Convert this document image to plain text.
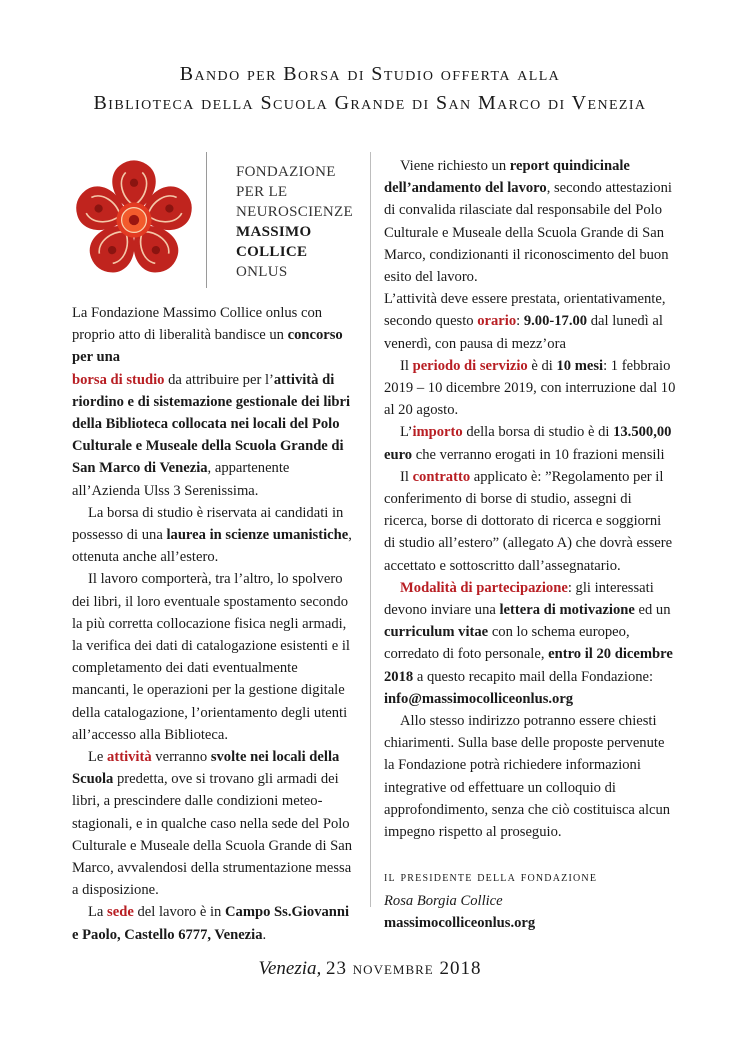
Bando per Borsa di Studio offerta alla
Biblioteca della Scuola Grande di San Marco di Venezia
FONDAZIONE
PER LE
NEUROSCIENZE
MASSIMO
COLLICE
ONLUS

La Fondazione Massimo Collice onlus con proprio atto di liberalità bandisce un concorso per una
borsa di studio da attribuire per l’attività di riordino e di sistemazione gestionale dei libri della Biblioteca collocata nei locali del Polo Culturale e Museale della Scuola Grande di San Marco di Venezia, appartenente all’Azienda Ulss 3 Serenissima.

La borsa di studio è riservata ai candidati in possesso di una laurea in scienze umanistiche, ottenuta anche all’estero.

Il lavoro comporterà, tra l’altro, lo spolvero dei libri, il loro eventuale spostamento secondo la più corretta collocazione fisica negli armadi, la verifica dei dati di catalogazione esistenti e il completamento dei dati eventualmente mancanti, le operazioni per la gestione digitale della catalogazione, l’orientamento degli utenti all’accesso alla Biblioteca.

Le attività verranno svolte nei locali della Scuola predetta, ove si trovano gli armadi dei libri, a prescindere dalle condizioni meteo-stagionali, e in qualche caso nella sede del Polo Culturale e Museale della Scuola Grande di San Marco, avvalendosi della strumentazione messa a disposizione.

La sede del lavoro è in Campo Ss.Giovanni e Paolo, Castello 6777, Venezia.

Viene richiesto un report quindicinale dell’andamento del lavoro, secondo attestazioni di convalida rilasciate dal responsabile del Polo Culturale e Museale della Scuola Grande di San Marco, condizionanti il riconoscimento del buon esito del lavoro.

L’attività deve essere prestata, orientativamente, secondo questo orario: 9.00-17.00 dal lunedì al venerdì, con pausa di mezz’ora

Il periodo di servizio è di 10 mesi: 1 febbraio 2019 – 10 dicembre 2019, con interruzione dal 10 al 20 agosto.

L’importo della borsa di studio è di 13.500,00 euro che verranno erogati in 10 frazioni mensili

Il contratto applicato è: ”Regolamento per il conferimento di borse di studio, assegni di ricerca, borse di dottorato di ricerca e soggiorni di studio all’estero” (allegato A) che dovrà essere accettato e sottoscritto dall’assegnatario.

Modalità di partecipazione: gli interessati devono inviare una lettera di motivazione ed un curriculum vitae con lo schema europeo, corredato di foto personale, entro il 20 dicembre 2018 a questo recapito mail della Fondazione:
info@massimocolliceonlus.org

Allo stesso indirizzo potranno essere chiesti chiarimenti. Sulla base delle proposte pervenute la Fondazione potrà richiedere informazioni integrative od effettuare un colloquio di approfondimento, senza che ciò costituisca alcun impegno rispetto al proseguio.

il presidente della fondazione

Rosa Borgia Collice

massimocolliceonlus.org

Venezia, 23 novembre 2018
